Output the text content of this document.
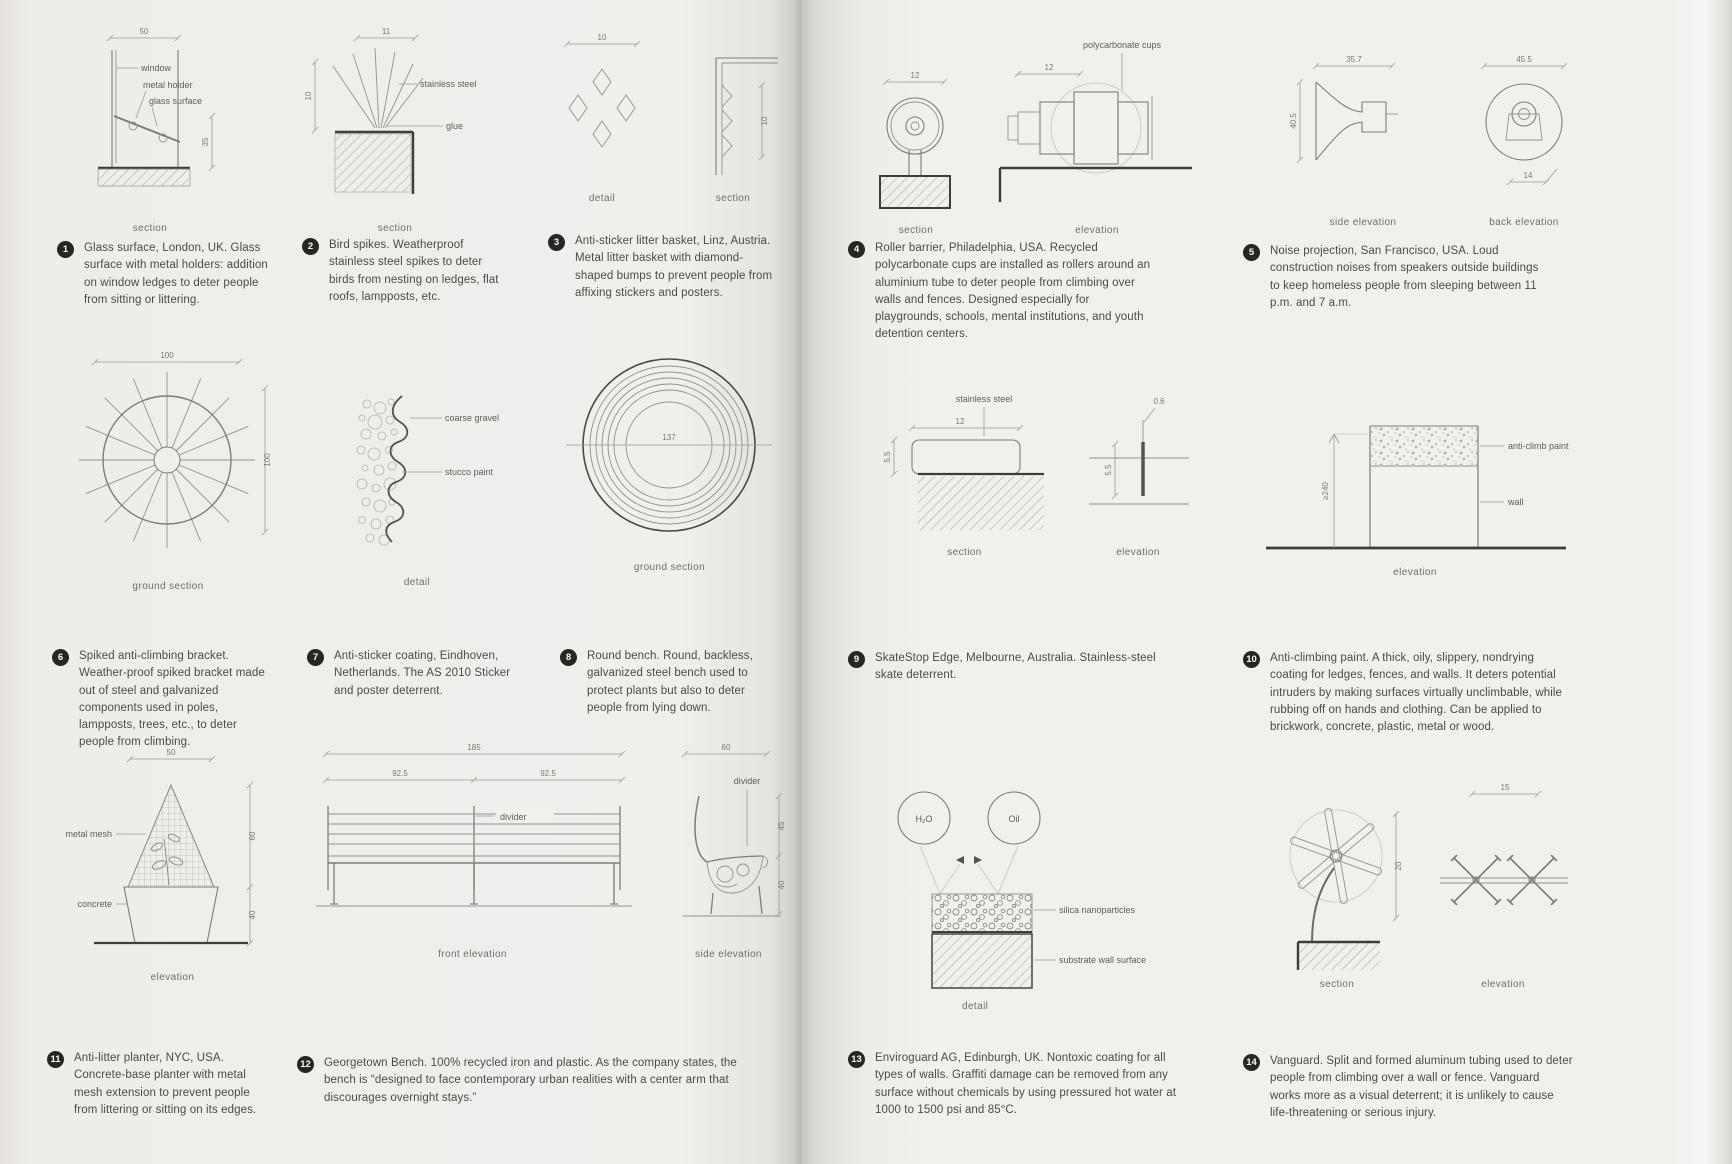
50
window
metal holder
glass surface
35
section
11
10
stainless steel
glue
section
10
detail
10
section
12
section
polycarbonate cups
12
elevation
35.7
40.5
side elevation
45.5
14
back elevation
100
100
ground section
coarse gravel
stucco paint
detail
137
ground section
stainless steel
12
5.5
section
0.6
5.5
elevation
≥240
anti-climb paint
wall
elevation
50
60
40
metal mesh
concrete
elevation
185
92.5	92.5
divider
front elevation
60
divider
45
40
side elevation
H₂O	Oil
silica nanoparticles
substrate wall surface
detail
20
section
15
elevation
1	Glass surface, London, UK. Glass surface with metal holders: addition on window ledges to deter people from sitting or littering.

2	Bird spikes. Weatherproof stainless steel spikes to deter birds from nesting on ledges, flat roofs, lampposts, etc.

3	Anti-sticker litter basket, Linz, Austria. Metal litter basket with diamond-shaped bumps to prevent people from affixing stickers and posters.

4	Roller barrier, Philadelphia, USA. Recycled polycarbonate cups are installed as rollers around an aluminium tube to deter people from climbing over walls and fences. Designed especially for playgrounds, schools, mental institutions, and youth detention centers.

5	Noise projection, San Francisco, USA. Loud construction noises from speakers outside buildings to keep homeless people from sleeping between 11 p.m. and 7 a.m.

6	Spiked anti-climbing bracket. Weather-proof spiked bracket made out of steel and galvanized components used in poles, lampposts, trees, etc., to deter people from climbing.

7	Anti-sticker coating, Eindhoven, Netherlands. The AS 2010 Sticker and poster deterrent.

8	Round bench. Round, backless, galvanized steel bench used to protect plants but also to deter people from lying down.

9	SkateStop Edge, Melbourne, Australia. Stainless-steel skate deterrent.

10 Anti-climbing paint. A thick, oily, slippery, nondrying coating for ledges, fences, and walls. It deters potential intruders by making surfaces virtually unclimbable, while rubbing off on hands and clothing. Can be applied to brickwork, concrete, plastic, metal or wood.

11	Anti-litter planter, NYC, USA. Concrete-base planter with metal mesh extension to prevent people from littering or sitting on its edges.

12 Georgetown Bench. 100% recycled iron and plastic. As the company states, the bench is “designed to face contemporary urban realities with a center arm that discourages overnight stays.”

13 Enviroguard AG, Edinburgh, UK. Nontoxic coating for all types of walls. Graffiti damage can be removed from any surface without chemicals by using pressured hot water at 1000 to 1500 psi and 85°C.

14 Vanguard. Split and formed aluminum tubing used to deter people from climbing over a wall or fence. Vanguard works more as a visual deterrent; it is unlikely to cause life-threatening or serious injury.
